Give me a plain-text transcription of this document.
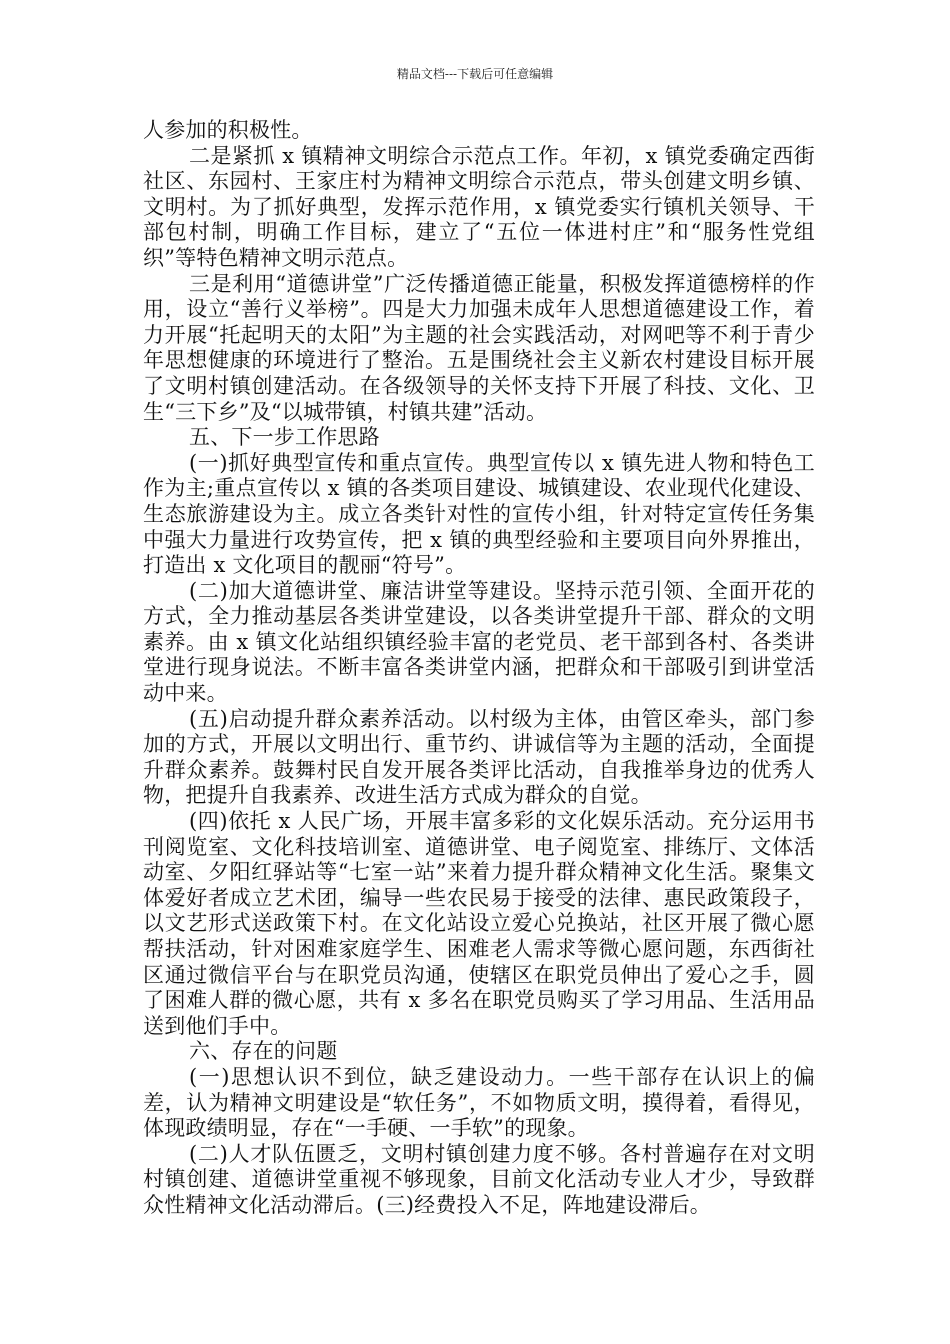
精品文档---下载后可任意编辑

人参加的积极性。

二是紧抓 x 镇精神文明综合示范点工作。年初，x 镇党委确定西街社区、东园村、王家庄村为精神文明综合示范点，带头创建文明乡镇、文明村。为了抓好典型，发挥示范作用，x 镇党委实行镇机关领导、干部包村制，明确工作目标，建立了“五位一体进村庄”和“服务性党组织”等特色精神文明示范点。

三是利用“道德讲堂”广泛传播道德正能量，积极发挥道德榜样的作用，设立“善行义举榜”。四是大力加强未成年人思想道德建设工作，着力开展“托起明天的太阳”为主题的社会实践活动，对网吧等不利于青少年思想健康的环境进行了整治。五是围绕社会主义新农村建设目标开展了文明村镇创建活动。在各级领导的关怀支持下开展了科技、文化、卫生“三下乡”及“以城带镇，村镇共建”活动。

五、下一步工作思路

(一)抓好典型宣传和重点宣传。典型宣传以 x 镇先进人物和特色工作为主;重点宣传以 x 镇的各类项目建设、城镇建设、农业现代化建设、生态旅游建设为主。成立各类针对性的宣传小组，针对特定宣传任务集中强大力量进行攻势宣传，把 x 镇的典型经验和主要项目向外界推出，打造出 x 文化项目的靓丽“符号”。

(二)加大道德讲堂、廉洁讲堂等建设。坚持示范引领、全面开花的方式，全力推动基层各类讲堂建设，以各类讲堂提升干部、群众的文明素养。由 x 镇文化站组织镇经验丰富的老党员、老干部到各村、各类讲堂进行现身说法。不断丰富各类讲堂内涵，把群众和干部吸引到讲堂活动中来。

(五)启动提升群众素养活动。以村级为主体，由管区牵头，部门参加的方式，开展以文明出行、重节约、讲诚信等为主题的活动，全面提升群众素养。鼓舞村民自发开展各类评比活动，自我推举身边的优秀人物，把提升自我素养、改进生活方式成为群众的自觉。

(四)依托 x 人民广场，开展丰富多彩的文化娱乐活动。充分运用书刊阅览室、文化科技培训室、道德讲堂、电子阅览室、排练厅、文体活动室、夕阳红驿站等“七室一站”来着力提升群众精神文化生活。聚集文体爱好者成立艺术团，编导一些农民易于接受的法律、惠民政策段子，以文艺形式送政策下村。在文化站设立爱心兑换站，社区开展了微心愿帮扶活动，针对困难家庭学生、困难老人需求等微心愿问题，东西街社区通过微信平台与在职党员沟通，使辖区在职党员伸出了爱心之手，圆了困难人群的微心愿，共有 x 多名在职党员购买了学习用品、生活用品送到他们手中。

六、存在的问题

(一)思想认识不到位，缺乏建设动力。一些干部存在认识上的偏差，认为精神文明建设是“软任务”，不如物质文明，摸得着，看得见，体现政绩明显，存在“一手硬、一手软”的现象。

(二)人才队伍匮乏，文明村镇创建力度不够。各村普遍存在对文明村镇创建、道德讲堂重视不够现象，目前文化活动专业人才少，导致群众性精神文化活动滞后。(三)经费投入不足，阵地建设滞后。
